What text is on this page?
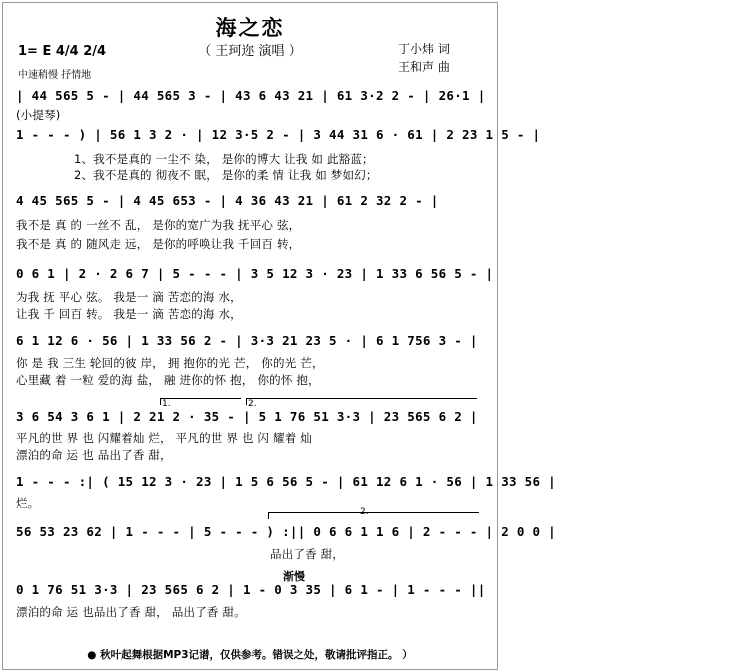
海之恋
（ 王珂迩 演唱 ）
1= E 4/4 2/4
中速稍慢 抒情地
丁小炜 词
王和声 曲
| 44 565 5 - | 44 565 3 - | 43 6 43 21 | 61 3·2 2 - | 26·1 |
(小提琴)
1 - - - ) | 56 1 3 2 · | 12 3·5 2 - | 3 44 31 6 · 61 | 2 23 1 5 - |
1、我不是真的 一尘不 染， 是你的博大 让我 如 此豁蓝；
2、我不是真的 彻夜不 眠， 是你的柔 情 让我 如 梦如幻；
4 45 565 5 - | 4 45 653 - | 4 36 43 21 | 61 2 32 2 - |
我不是 真 的 一丝不 乱， 是你的宽广为我 抚平心 弦，
我不是 真 的 随风走 远， 是你的呼唤让我 千回百 转，
0 6 1 | 2 · 2 6 7 | 5 - - - | 3 5 12 3 · 23 | 1 33 6 56 5 - |
为我 抚 平心 弦。 我是一 滴 苦恋的海 水，
让我 千 回百 转。 我是一 滴 苦恋的海 水，
6 1 12 6 · 56 | 1 33 56 2 - | 3·3 21 23 5 · | 6 1 756 3 - |
你 是 我 三生 轮回的彼 岸， 拥 抱你的光 芒， 你的光 芒，
心里藏 着 一粒 爱的海 盐， 融 进你的怀 抱， 你的怀 抱，
1.	2.
3 6 54 3 6 1 | 2 21 2 · 35 - | 5 1 76 51 3·3 | 23 565 6 2 |
平凡的世 界 也 闪耀着灿 烂， 平凡的世 界 也 闪 耀着 灿
漂泊的命 运 也 品出了香 甜，
1 - - - :| ( 15 12 3 · 23 | 1 5 6 56 5 - | 61 12 6 1 · 56 | 1 33 56 |
烂。
2.
56 53 23 62 | 1 - - - | 5 - - - ) :|| 0 6 6 1 1 6 | 2 - - - | 2 0 0 |
品出了香 甜，
渐慢
0 1 76 51 3·3 | 23 565 6 2 | 1 - 0 3 35 | 6 1 - | 1 - - - ||
漂泊的命 运 也品出了香 甜， 品出了香 甜。
● 秋叶起舞根据MP3记谱，仅供参考。错误之处，敬请批评指正。 ）
